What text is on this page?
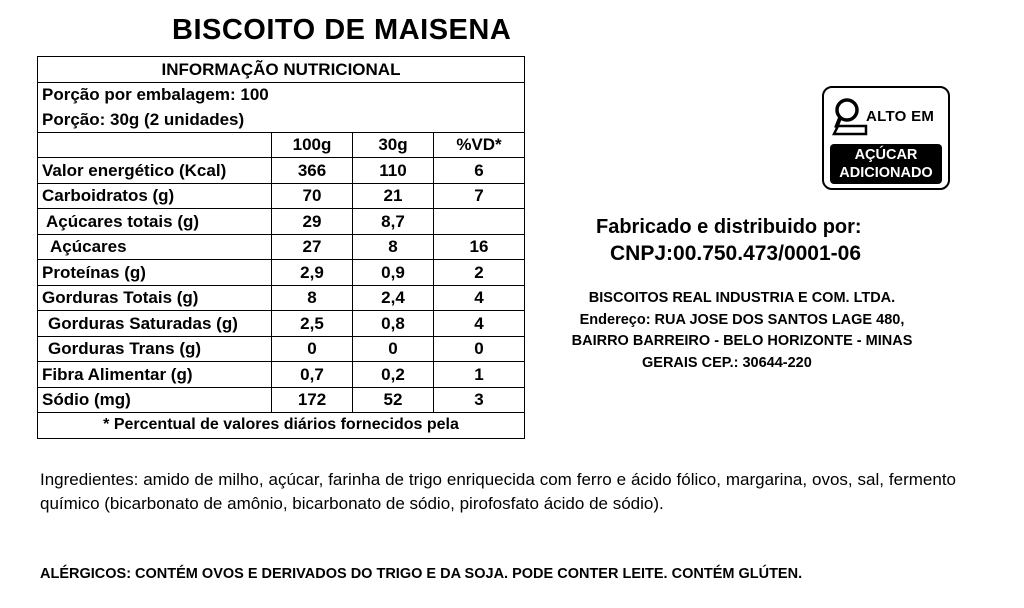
BISCOITO DE MAISENA
INFORMAÇÃO NUTRICIONAL			
Porção por embalagem: 100			
Porção: 30g (2 unidades)			
	100g	30g	%VD*
Valor energético (Kcal)	366	110	6
Carboidratos (g)	70	21	7
Açúcares totais (g)	29	8,7	
Açúcares	27	8	16
Proteínas (g)	2,9	0,9	2
Gorduras Totais (g)	8	2,4	4
Gorduras Saturadas (g)	2,5	0,8	4
Gorduras Trans (g)	0	0	0
Fibra Alimentar (g)	0,7	0,2	1
Sódio (mg)	172	52	3
* Percentual de valores diários fornecidos pela			
ALTO EM
AÇÚCAR
ADICIONADO
Fabricado e distribuido por:
CNPJ:00.750.473/0001-06
BISCOITOS REAL INDUSTRIA E COM. LTDA.
Endereço: RUA JOSE DOS SANTOS LAGE 480,
BAIRRO BARREIRO - BELO HORIZONTE - MINAS
GERAIS CEP.: 30644-220
Ingredientes: amido de milho, açúcar, farinha de trigo enriquecida com ferro e ácido fólico, margarina, ovos, sal, fermento químico (bicarbonato de amônio, bicarbonato de sódio, pirofosfato ácido de sódio).
ALÉRGICOS: CONTÉM OVOS E DERIVADOS DO TRIGO E DA SOJA. PODE CONTER LEITE. CONTÉM GLÚTEN.
